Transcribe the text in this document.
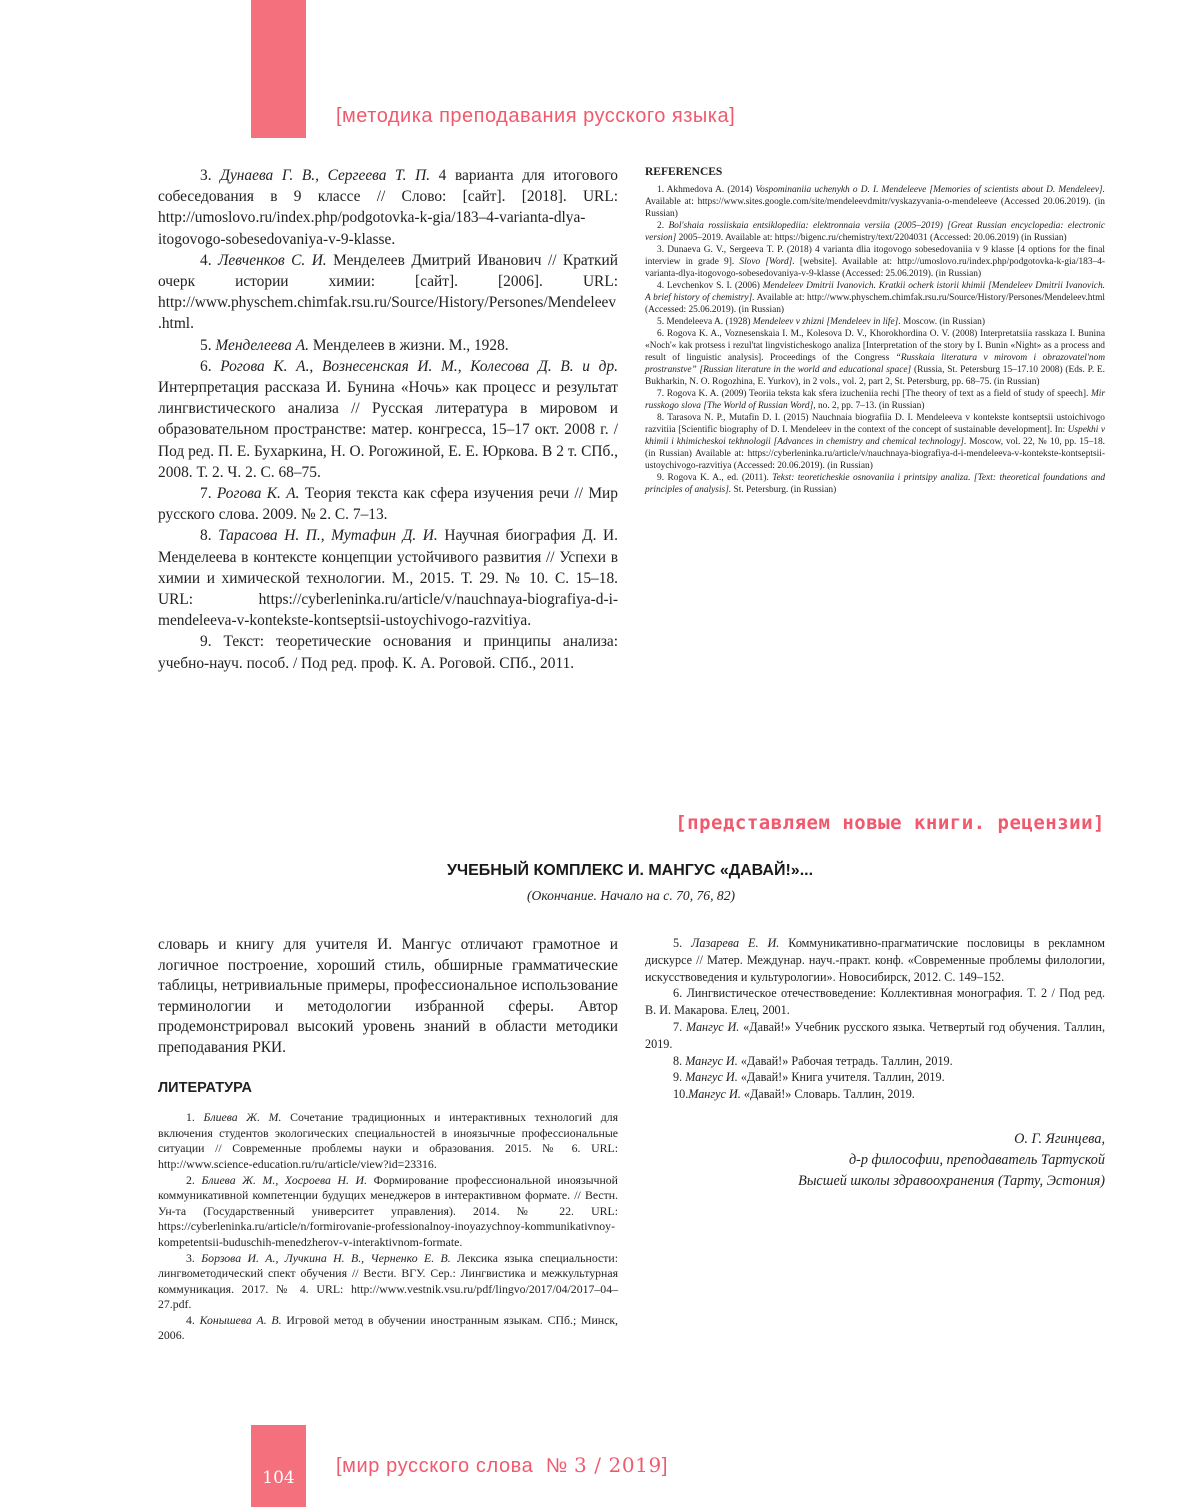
[методика преподавания русского языка]

3. Дунаева Г. В., Сергеева Т. П. 4 варианта для итогового собеседования в 9 классе // Слово: [сайт]. [2018]. URL: http://umoslovo.ru/index.php/podgotovka-k-gia/183–4-varianta-dlya-itogovogo-sobesedovaniya-v-9-klasse.

4. Левченков С. И. Менделеев Дмитрий Иванович // Краткий очерк истории химии: [сайт]. [2006]. URL: http://www.physchem.chimfak.rsu.ru/Source/History/Persones/Mendeleev.html.

5. Менделеева А. Менделеев в жизни. М., 1928.

6. Рогова К. А., Вознесенская И. М., Колесова Д. В. и др. Интерпретация рассказа И. Бунина «Ночь» как процесс и результат лингвистического анализа // Русская литература в мировом и образовательном пространстве: матер. конгресса, 15–17 окт. 2008 г. / Под ред. П. Е. Бухаркина, Н. О. Рогожиной, Е. Е. Юркова. В 2 т. СПб., 2008. Т. 2. Ч. 2. С. 68–75.

7. Рогова К. А. Теория текста как сфера изучения речи // Мир русского слова. 2009. № 2. С. 7–13.

8. Тарасова Н. П., Мутафин Д. И. Научная биография Д. И. Менделеева в контексте концепции устойчивого развития // Успехи в химии и химической технологии. М., 2015. Т. 29. № 10. С. 15–18. URL: https://cyberleninka.ru/article/v/nauchnaya-biografiya-d-i-mendeleeva-v-kontekste-kontseptsii-ustoychivogo-razvitiya.

9. Текст: теоретические основания и принципы анализа: учебно-науч. пособ. / Под ред. проф. К. А. Роговой. СПб., 2011.

REFERENCES

1. Akhmedova A. (2014) Vospominaniia uchenykh o D. I. Mendeleeve [Memories of scientists about D. Mendeleev]. Available at: https://www.sites.google.com/site/mendeleevdmitr/vyskazyvania-o-mendeleeve (Accessed 20.06.2019). (in Russian)

2. Bol'shaia rossiiskaia entsiklopediia: elektronnaia versiia (2005–2019) [Great Russian encyclopedia: electronic version] 2005–2019. Available at: https://bigenc.ru/chemistry/text/2204031 (Accessed: 20.06.2019) (in Russian)

3. Dunaeva G. V., Sergeeva T. P. (2018) 4 varianta dlia itogovogo sobesedovaniia v 9 klasse [4 options for the final interview in grade 9]. Slovo [Word]. [website]. Available at: http://umoslovo.ru/index.php/podgotovka-k-gia/183–4-varianta-dlya-itogovogo-sobesedovaniya-v-9-klasse (Accessed: 25.06.2019). (in Russian)

4. Levchenkov S. I. (2006) Mendeleev Dmitrii Ivanovich. Kratkii ocherk istorii khimii [Mendeleev Dmitrii Ivanovich. A brief history of chemistry]. Available at: http://www.physchem.chimfak.rsu.ru/Source/History/Persones/Mendeleev.html (Accessed: 25.06.2019). (in Russian)

5. Mendeleeva A. (1928) Mendeleev v zhizni [Mendeleev in life]. Moscow. (in Russian)

6. Rogova K. A., Voznesenskaia I. M., Kolesova D. V., Khorokhordina O. V. (2008) Interpretatsiia rasskaza I. Bunina «Noch'« kak protsess i rezul'tat lingvisticheskogo analiza [Interpretation of the story by I. Bunin «Night» as a process and result of linguistic analysis]. Proceedings of the Congress “Russkaia literatura v mirovom i obrazovatel'nom prostranstve” [Russian literature in the world and educational space] (Russia, St. Petersburg 15–17.10 2008) (Eds. P. E. Bukharkin, N. O. Rogozhina, E. Yurkov), in 2 vols., vol. 2, part 2, St. Petersburg, pp. 68–75. (in Russian)

7. Rogova K. A. (2009) Teoriia teksta kak sfera izucheniia rechi [The theory of text as a field of study of speech]. Mir russkogo slova [The World of Russian Word], no. 2, pp. 7–13. (in Russian)

8. Tarasova N. P., Mutafin D. I. (2015) Nauchnaia biografiia D. I. Mendeleeva v kontekste kontseptsii ustoichivogo razvitiia [Scientific biography of D. I. Mendeleev in the context of the concept of sustainable development]. In: Uspekhi v khimii i khimicheskoi tekhnologii [Advances in chemistry and chemical technology]. Moscow, vol. 22, № 10, pp. 15–18. (in Russian) Available at: https://cyberleninka.ru/article/v/nauchnaya-biografiya-d-i-mendeleeva-v-kontekste-kontseptsii-ustoychivogo-razvitiya (Accessed: 20.06.2019). (in Russian)

9. Rogova K. A., ed. (2011). Tekst: teoreticheskie osnovaniia i printsipy analiza. [Text: theoretical foundations and principles of analysis]. St. Petersburg. (in Russian)

[представляем новые книги. рецензии]
УЧЕБНЫЙ КОМПЛЕКС И. МАНГУС «ДАВАЙ!»...
(Окончание. Начало на с. 70, 76, 82)

словарь и книгу для учителя И. Мангус отличают грамотное и логичное построение, хороший стиль, обширные грамматические таблицы, нетривиальные примеры, профессиональное использование терминологии и методологии избранной сферы. Автор продемонстрировал высокий уровень знаний в области методики преподавания РКИ.

ЛИТЕРАТУРА

1. Блиева Ж. М. Сочетание традиционных и интерактивных технологий для включения студентов экологических специальностей в иноязычные профессиональные ситуации // Современные проблемы науки и образования. 2015. № 6. URL: http://www.science-education.ru/ru/article/view?id=23316.

2. Блиева Ж. М., Хосроева Н. И. Формирование профессиональной иноязычной коммуникативной компетенции будущих менеджеров в интерактивном формате. // Вестн. Ун-та (Государственный университет управления). 2014. № 22. URL: https://cyberleninka.ru/article/n/formirovanie-professionalnoy-inoyazychnoy-kommunikativnoy-kompetentsii-buduschih-menedzherov-v-interaktivnom-formate.

3. Борзова И. А., Лучкина Н. В., Черненко Е. В. Лексика языка специальности: лингвометодический спект обучения // Вести. ВГУ. Сер.: Лингвистика и межкультурная коммуникация. 2017. № 4. URL: http://www.vestnik.vsu.ru/pdf/lingvo/2017/04/2017–04–27.pdf.

4. Конышева А. В. Игровой метод в обучении иностранным языкам. СПб.; Минск, 2006.

5. Лазарева Е. И. Коммуникативно-прагматичские пословицы в рекламном дискурсе // Матер. Междунар. науч.-практ. конф. «Современные проблемы филологии, искусствоведения и культурологии». Новосибирск, 2012. С. 149–152.

6. Лингвистическое отечествоведение: Коллективная монография. Т. 2 / Под ред. В. И. Макарова. Елец, 2001.

7. Мангус И. «Давай!» Учебник русского языка. Четвертый год обучения. Таллин, 2019.

8. Мангус И. «Давай!» Рабочая тетрадь. Таллин, 2019.

9. Мангус И. «Давай!» Книга учителя. Таллин, 2019.

10.Мангус И. «Давай!» Словарь. Таллин, 2019.

О. Г. Ягинцева,
д-р философии, преподаватель Тартуской
Высшей школы здравоохранения (Тарту, Эстония)
104
[мир русского слова  № 3 / 2019]
